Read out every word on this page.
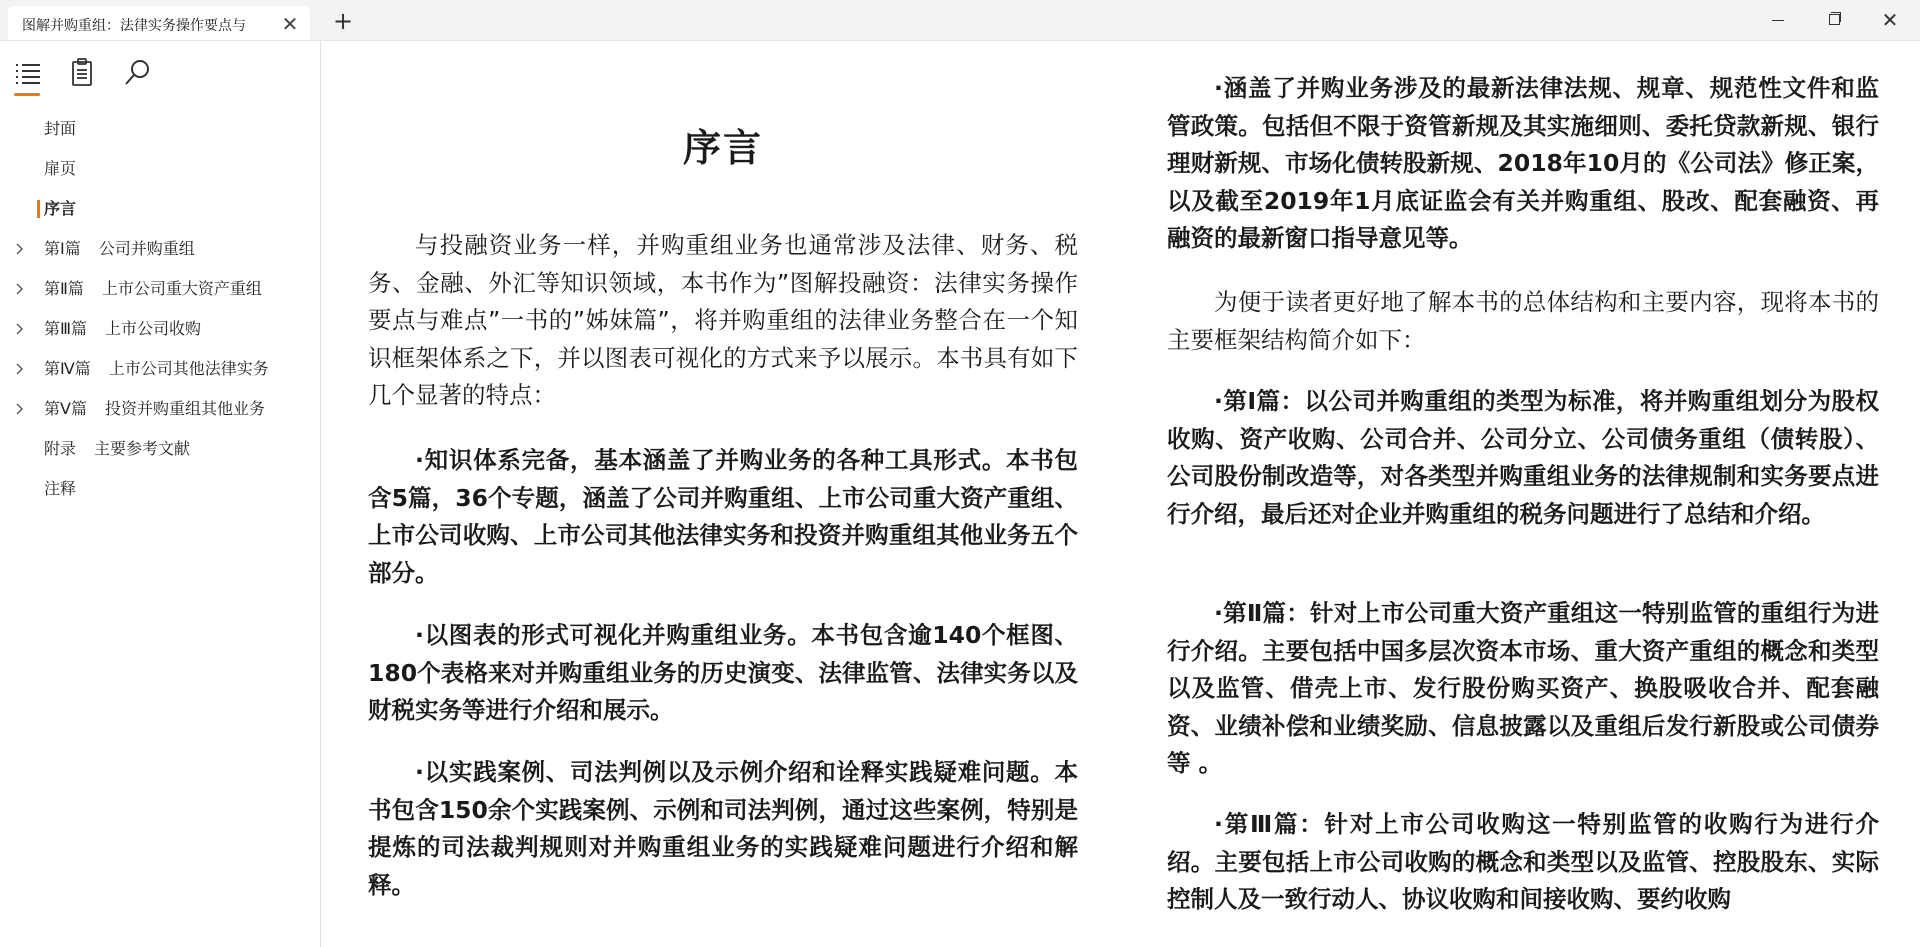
图解并购重组：法律实务操作要点与	✕ +	✕
封面
扉页
序言
第Ⅰ篇 公司并购重组
第Ⅱ篇 上市公司重大资产重组
第Ⅲ篇 上市公司收购
第Ⅳ篇 上市公司其他法律实务
第Ⅴ篇 投资并购重组其他业务
附录 主要参考文献
注释
序言

与投融资业务一样，并购重组业务也通常涉及法律、财务、税务、金融、外汇等知识领域，本书作为”图解投融资：法律实务操作要点与难点”一书的”姊妹篇”，将并购重组的法律业务整合在一个知识框架体系之下，并以图表可视化的方式来予以展示。本书具有如下几个显著的特点：

·知识体系完备，基本涵盖了并购业务的各种工具形式。本书包含5篇，36个专题，涵盖了公司并购重组、上市公司重大资产重组、上市公司收购、上市公司其他法律实务和投资并购重组其他业务五个部分。

·以图表的形式可视化并购重组业务。本书包含逾140个框图、180个表格来对并购重组业务的历史演变、法律监管、法律实务以及财税实务等进行介绍和展示。

·以实践案例、司法判例以及示例介绍和诠释实践疑难问题。本书包含150余个实践案例、示例和司法判例，通过这些案例，特别是提炼的司法裁判规则对并购重组业务的实践疑难问题进行介绍和解释。

·涵盖了并购业务涉及的最新法律法规、规章、规范性文件和监管政策。包括但不限于资管新规及其实施细则、委托贷款新规、银行理财新规、市场化债转股新规、2018年10月的《公司法》修正案，以及截至2019年1月底证监会有关并购重组、股改、配套融资、再融资的最新窗口指导意见等。

为便于读者更好地了解本书的总体结构和主要内容，现将本书的主要框架结构简介如下：

·第Ⅰ篇：以公司并购重组的类型为标准，将并购重组划分为股权收购、资产收购、公司合并、公司分立、公司债务重组（债转股）、公司股份制改造等，对各类型并购重组业务的法律规制和实务要点进行介绍，最后还对企业并购重组的税务问题进行了总结和介绍。

·第Ⅱ篇：针对上市公司重大资产重组这一特别监管的重组行为进行介绍。主要包括中国多层次资本市场、重大资产重组的概念和类型以及监管、借壳上市、发行股份购买资产、换股吸收合并、配套融资、业绩补偿和业绩奖励、信息披露以及重组后发行新股或公司债券等 。

·第Ⅲ篇：针对上市公司收购这一特别监管的收购行为进行介绍。主要包括上市公司收购的概念和类型以及监管、控股股东、实际控制人及一致行动人、协议收购和间接收购、要约收购
